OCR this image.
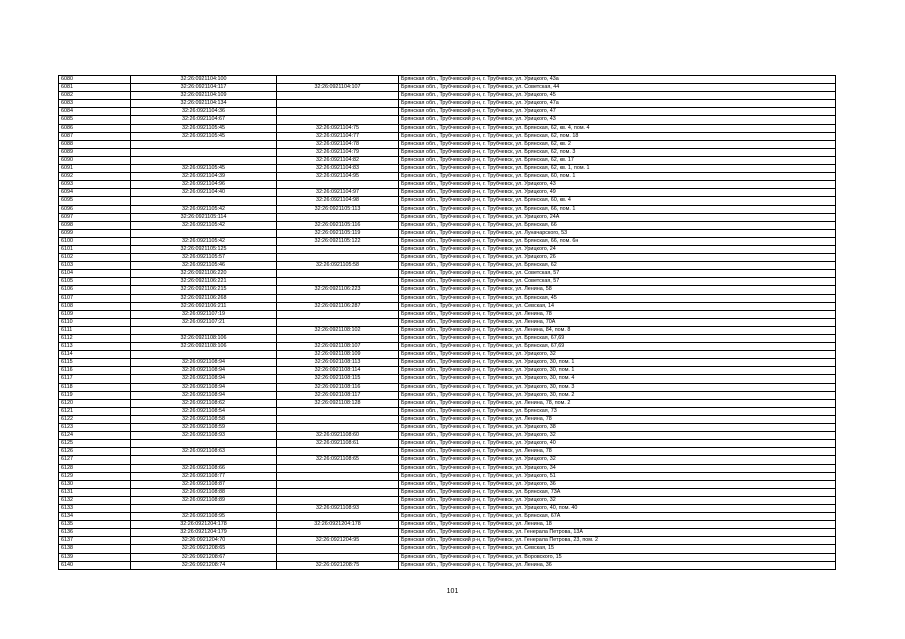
6080	32:26:0921104:100		Брянская обл., Трубчевский р-н, г. Трубчевск, ул. Урицкого, 43а
6081	32:26:0921104:117	32:26:0921104:107	Брянская обл., Трубчевский р-н, г. Трубчевск, ул. Советская, 44
6082	32:26:0921104:109		Брянская обл., Трубчевский р-н, г. Трубчевск, ул. Урицкого, 45
6083	32:26:0921104:134		Брянская обл., Трубчевский р-н, г. Трубчевск, ул. Урицкого, 47а
6084	32:26:0921104:36		Брянская обл., Трубчевский р-н, г. Трубчевск, ул. Урицкого, 47
6085	32:26:0921104:67		Брянская обл., Трубчевский р-н, г. Трубчевск, ул. Урицкого, 43
6086	32:26:0921105:45	32:26:0921104:75	Брянская обл., Трубчевский р-н, г. Трубчевск, ул. Брянская, 62, кв. 4, пом. 4
6087	32:26:0921105:45	32:26:0921104:77	Брянская обл., Трубчевский р-н, г. Трубчевск, ул. Брянская, 62, пом. 18
6088		32:26:0921104:78	Брянская обл., Трубчевский р-н, г. Трубчевск, ул. Брянская, 62, кв. 2
6089		32:26:0921104:79	Брянская обл., Трубчевский р-н, г. Трубчевск, ул. Брянская, 62, пом. 3
6090		32:26:0921104:82	Брянская обл., Трубчевский р-н, г. Трубчевск, ул. Брянская, 62, кв. 17
6091	32:26:0921105:45	32:26:0921104:83	Брянская обл., Трубчевский р-н, г. Трубчевск, ул. Брянская, 62, кв. 1, пом. 1
6092	32:26:0921104:39	32:26:0921104:95	Брянская обл., Трубчевский р-н, г. Трубчевск, ул. Брянская, 60, пом. 1
6093	32:26:0921104:96		Брянская обл., Трубчевский р-н, г. Трубчевск, ул. Урицкого, 43
6094	32:26:0921104:40	32:26:0921104:97	Брянская обл., Трубчевский р-н, г. Трубчевск, ул. Урицкого, 49
6095		32:26:0921104:98	Брянская обл., Трубчевский р-н, г. Трубчевск, ул. Брянская, 60, кв. 4
6096	32:26:0921105:42	32:26:0921105:113	Брянская обл., Трубчевский р-н, г. Трубчевск, ул. Брянская, 66, пом. 1
6097	32:26:0921105:114		Брянская обл., Трубчевский р-н, г. Трубчевск, ул. Урицкого, 24А
6098	32:26:0921105:42	32:26:0921105:116	Брянская обл., Трубчевский р-н, г. Трубчевск, ул. Брянская, 66
6099		32:26:0921105:119	Брянская обл., Трубчевский р-н, г. Трубчевск, ул. Луначарского, 53
6100	32:26:0921105:42	32:26:0921105:122	Брянская обл., Трубчевский р-н, г. Трубчевск, ул. Брянская, 66, пом. 6н
6101	32:26:0921105:125		Брянская обл., Трубчевский р-н, г. Трубчевск, ул. Урицкого, 24
6102	32:26:0921105:57		Брянская обл., Трубчевский р-н, г. Трубчевск, ул. Урицкого, 26
6103	32:26:0921105:46	32:26:0921105:58	Брянская обл., Трубчевский р-н, г. Трубчевск, ул. Брянская, 62
6104	32:26:0921106:220		Брянская обл., Трубчевский р-н, г. Трубчевск, ул. Советская, 57
6105	32:26:0921106:221		Брянская обл., Трубчевский р-н, г. Трубчевск, ул. Советская, 57
6106	32:26:0921106:215	32:26:0921106:223	Брянская обл., Трубчевский р-н, г. Трубчевск, ул. Ленина, 58
6107	32:26:0921106:268		Брянская обл., Трубчевский р-н, г. Трубчевск, ул. Брянская, 45
6108	32:26:0921106:211	32:26:0921106:287	Брянская обл., Трубчевский р-н, г. Трубчевск, ул. Севская, 14
6109	32:26:0921107:19		Брянская обл., Трубчевский р-н, г. Трубчевск, ул. Ленина, 78
6110	32:26:0921107:21		Брянская обл., Трубчевский р-н, г. Трубчевск, ул. Ленина, 70А
6111		32:26:0921108:102	Брянская обл., Трубчевский р-н, г. Трубчевск, ул. Ленина, 84, пом. 8
6112	32:26:0921108:106		Брянская обл., Трубчевский р-н, г. Трубчевск, ул. Брянская, 67,69
6113	32:26:0921108:106	32:26:0921108:107	Брянская обл., Трубчевский р-н, г. Трубчевск, ул. Брянская, 67,69
6114		32:26:0921108:109	Брянская обл., Трубчевский р-н, г. Трубчевск, ул. Урицкого, 32
6115	32:26:0921108:94	32:26:0921108:113	Брянская обл., Трубчевский р-н, г. Трубчевск, ул. Урицкого, 30, пом. 1
6116	32:26:0921108:94	32:26:0921108:114	Брянская обл., Трубчевский р-н, г. Трубчевск, ул. Урицкого, 30, пом. 1
6117	32:26:0921108:94	32:26:0921108:115	Брянская обл., Трубчевский р-н, г. Трубчевск, ул. Урицкого, 30, пом. 4
6118	32:26:0921108:94	32:26:0921108:116	Брянская обл., Трубчевский р-н, г. Трубчевск, ул. Урицкого, 30, пом. 3
6119	32:26:0921108:94	32:26:0921108:117	Брянская обл., Трубчевский р-н, г. Трубчевск, ул. Урицкого, 30, пом. 2
6120	32:26:0921108:62	32:26:0921108:128	Брянская обл., Трубчевский р-н, г. Трубчевск, ул. Ленина, 78, пом. 2
6121	32:26:0921108:54		Брянская обл., Трубчевский р-н, г. Трубчевск, ул. Брянская, 73
6122	32:26:0921108:58		Брянская обл., Трубчевский р-н, г. Трубчевск, ул. Ленина, 78
6123	32:26:0921108:59		Брянская обл., Трубчевский р-н, г. Трубчевск, ул. Урицкого, 38
6124	32:26:0921108:93	32:26:0921108:60	Брянская обл., Трубчевский р-н, г. Трубчевск, ул. Урицкого, 32
6125		32:26:0921108:61	Брянская обл., Трубчевский р-н, г. Трубчевск, ул. Урицкого, 40
6126	32:26:0921108:63		Брянская обл., Трубчевский р-н, г. Трубчевск, ул. Ленина, 78
6127		32:26:0921108:65	Брянская обл., Трубчевский р-н, г. Трубчевск, ул. Урицкого, 32
6128	32:26:0921108:66		Брянская обл., Трубчевский р-н, г. Трубчевск, ул. Урицкого, 34
6129	32:26:0921108:77		Брянская обл., Трубчевский р-н, г. Трубчевск, ул. Урицкого, 51
6130	32:26:0921108:87		Брянская обл., Трубчевский р-н, г. Трубчевск, ул. Урицкого, 36
6131	32:26:0921108:88		Брянская обл., Трубчевский р-н, г. Трубчевск, ул. Брянская, 73А
6132	32:26:0921108:89		Брянская обл., Трубчевский р-н, г. Трубчевск, ул. Урицкого, 32
6133		32:26:0921108:93	Брянская обл., Трубчевский р-н, г. Трубчевск, ул. Урицкого, 40, пом. 40
6134	32:26:0921108:95		Брянская обл., Трубчевский р-н, г. Трубчевск, ул. Брянская, 67А
6135	32:26:0921204:178	32:26:0921204:178	Брянская обл., Трубчевский р-н, г. Трубчевск, ул. Ленина, 18
6136	32:26:0921204:179		Брянская обл., Трубчевский р-н, г. Трубчевск, ул. Генерала Петрова, 13А
6137	32:26:0921204:70	32:26:0921204:95	Брянская обл., Трубчевский р-н, г. Трубчевск, ул. Генерала Петрова, 23, пом. 2
6138	32:26:0921208:65		Брянская обл., Трубчевский р-н, г. Трубчевск, ул. Севская, 15
6139	32:26:0921208:67		Брянская обл., Трубчевский р-н, г. Трубчевск, ул. Воровского, 15
6140	32:26:0921208:74	32:26:0921208:75	Брянская обл., Трубчевский р-н, г. Трубчевск, ул. Ленина, 36
101
